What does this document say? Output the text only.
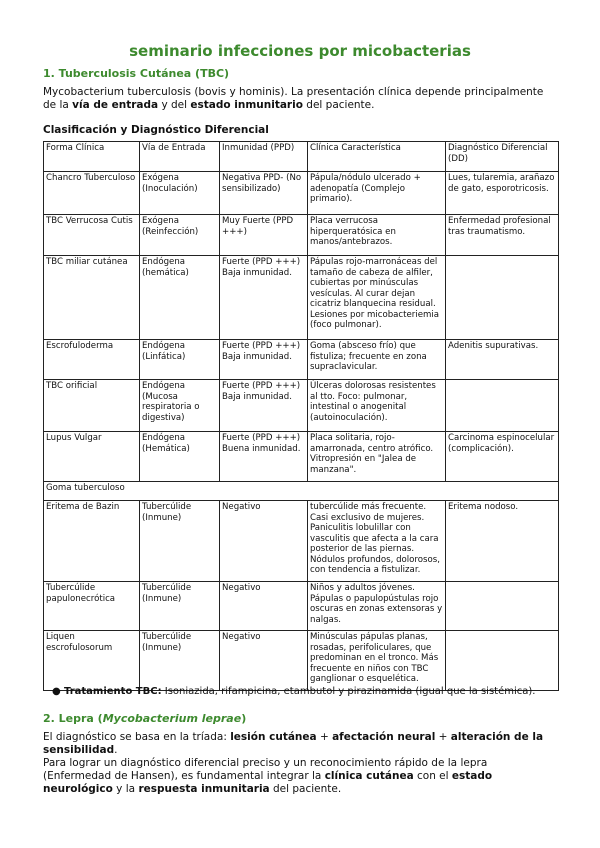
seminario infecciones por micobacterias
1. Tuberculosis Cutánea (TBC)
Mycobacterium tuberculosis (bovis y hominis). La presentación clínica depende principalmente de la vía de entrada y del estado inmunitario del paciente.
Clasificación y Diagnóstico Diferencial
Forma Clínica	Vía de Entrada	Inmunidad (PPD)	Clínica Característica	Diagnóstico Diferencial (DD)
Chancro Tuberculoso	Exógena (Inoculación)	Negativa PPD- (No sensibilizado)	Pápula/nódulo ulcerado + adenopatía (Complejo primario).	Lues, tularemia, arañazo de gato, esporotricosis.
TBC Verrucosa Cutis	Exógena (Reinfección)	Muy Fuerte (PPD +++)	Placa verrucosa hiperqueratósica en manos/antebrazos.	Enfermedad profesional tras traumatismo.
TBC miliar cutánea	Endógena (hemática)	Fuerte (PPD +++) Baja inmunidad.	Pápulas rojo-marronáceas del tamaño de cabeza de alfiler, cubiertas por minúsculas vesículas. Al curar dejan cicatriz blanquecina residual. Lesiones por micobacteriemia (foco pulmonar).	
Escrofuloderma	Endógena (Linfática)	Fuerte (PPD +++) Baja inmunidad.	Goma (absceso frío) que fistuliza; frecuente en zona supraclavicular.	Adenitis supurativas.
TBC orificial	Endógena (Mucosa respiratoria o digestiva)	Fuerte (PPD +++) Baja inmunidad.	Úlceras dolorosas resistentes al tto. Foco: pulmonar, intestinal o anogenital (autoinoculación).	
Lupus Vulgar	Endógena (Hemática)	Fuerte (PPD +++) Buena inmunidad.	Placa solitaria, rojo-amarronada, centro atrófico. Vitropresión en "Jalea de manzana".	Carcinoma espinocelular (complicación).
Goma tuberculoso				
Eritema de Bazin	Tubercúlide (Inmune)	Negativo	tubercúlide más frecuente. Casi exclusivo de mujeres. Paniculitis lobulillar con vasculitis que afecta a la cara posterior de las piernas. Nódulos profundos, dolorosos, con tendencia a fistulizar.	Eritema nodoso.
Tubercúlide papulonecrótica	Tubercúlide (Inmune)	Negativo	Niños y adultos jóvenes. Pápulas o papulopústulas rojo oscuras en zonas extensoras y nalgas.	
Liquen escrofulosorum	Tubercúlide (Inmune)	Negativo	Minúsculas pápulas planas, rosadas, perifoliculares, que predominan en el tronco. Más frecuente en niños con TBC ganglionar o esquelética.	
● Tratamiento TBC: Isoniazida, rifampicina, etambutol y pirazinamida (igual que la sistémica).
2. Lepra (Mycobacterium leprae)
El diagnóstico se basa en la tríada: lesión cutánea + afectación neural + alteración de la sensibilidad.
Para lograr un diagnóstico diferencial preciso y un reconocimiento rápido de la lepra (Enfermedad de Hansen), es fundamental integrar la clínica cutánea con el estado neurológico y la respuesta inmunitaria del paciente.
